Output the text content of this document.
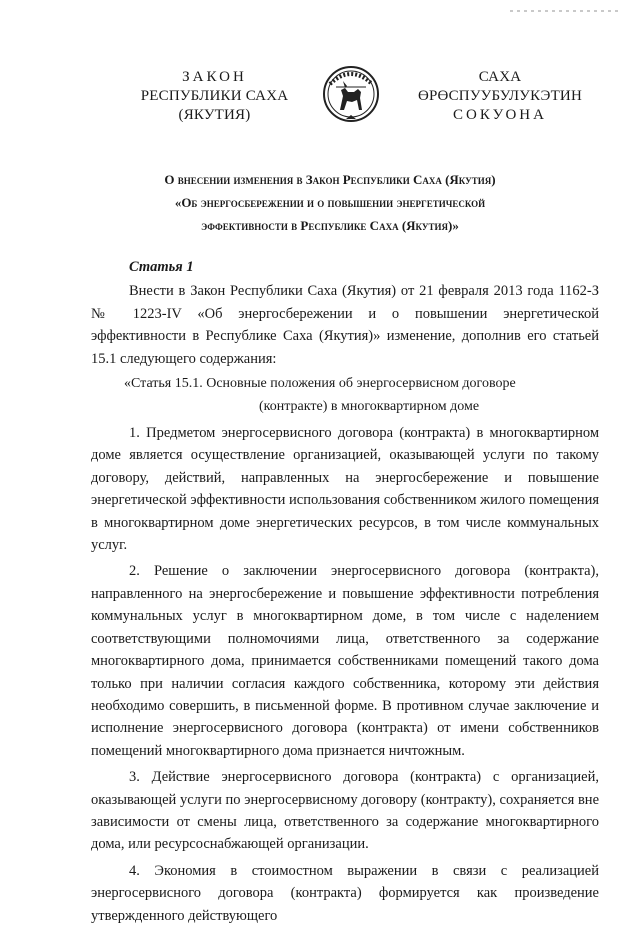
ЗАКОН
РЕСПУБЛИКИ САХА (ЯКУТИЯ)
САХА ӨРӨСПУУБУЛУКЭТИН
СОКУОНА
О внесении изменения в Закон Республики Саха (Якутия)
«Об энергосбережении и о повышении энергетической
эффективности в Республике Саха (Якутия)»
Статья 1

Внести в Закон Республики Саха (Якутия) от 21 февраля 2013 года 1162-З № 1223-IV «Об энергосбережении и о повышении энергетической эффективности в Республике Саха (Якутия)» изменение, дополнив его статьей 15.1 следующего содержания:

«Статья 15.1. Основные положения об энергосервисном договоре
(контракте) в многоквартирном доме

1. Предметом энергосервисного договора (контракта) в многоквартирном доме является осуществление организацией, оказывающей услуги по такому договору, действий, направленных на энергосбережение и повышение энергетической эффективности использования собственником жилого помещения в многоквартирном доме энергетических ресурсов, в том числе коммунальных услуг.

2. Решение о заключении энергосервисного договора (контракта), направленного на энергосбережение и повышение эффективности потребления коммунальных услуг в многоквартирном доме, в том числе с наделением соответствующими полномочиями лица, ответственного за содержание многоквартирного дома, принимается собственниками помещений такого дома только при наличии согласия каждого собственника, которому эти действия необходимо совершить, в письменной форме. В противном случае заключение и исполнение энергосервисного договора (контракта) от имени собственников помещений многоквартирного дома признается ничтожным.

3. Действие энергосервисного договора (контракта) с организацией, оказывающей услуги по энергосервисному договору (контракту), сохраняется вне зависимости от смены лица, ответственного за содержание многоквартирного дома, или ресурсоснабжающей организации.

4. Экономия в стоимостном выражении в связи с реализацией энергосервисного договора (контракта) формируется как произведение утвержденного действующего
